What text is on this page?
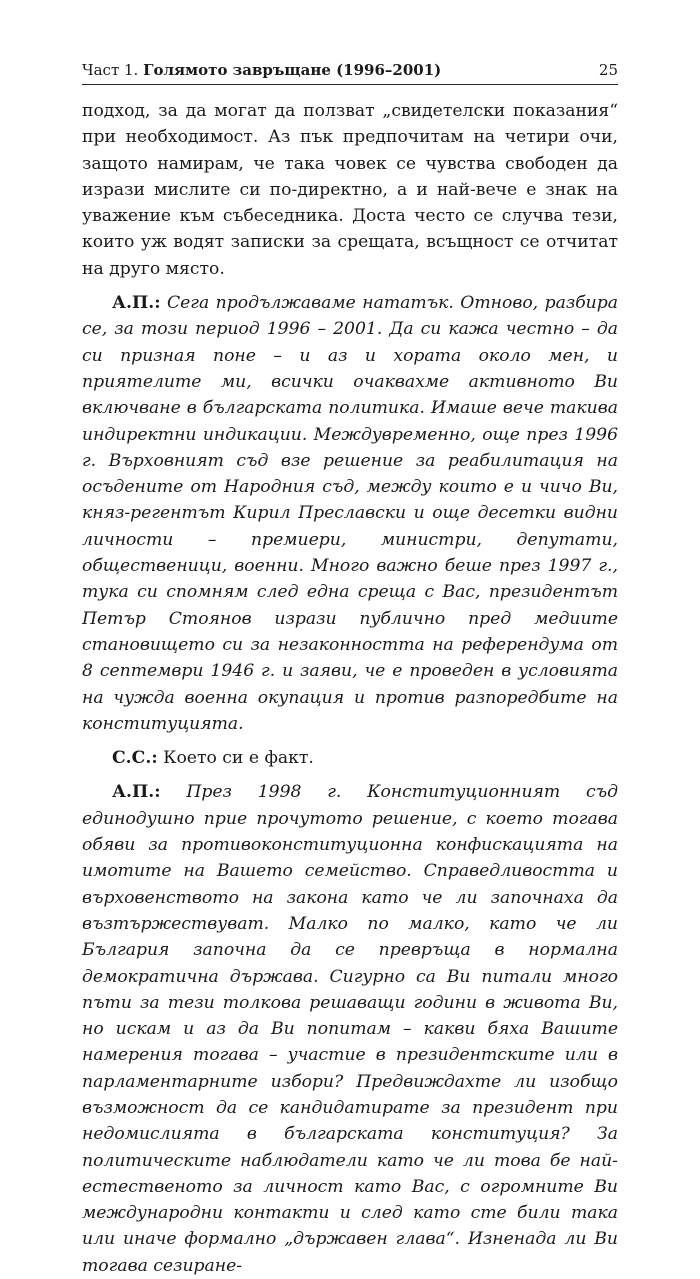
Част 1. Голямото завръщане (1996–2001)	25

подход, за да могат да ползват „свидетелски показания“ при необходимост. Аз пък предпочитам на четири очи, защото намирам, че така човек се чувства свободен да изрази мислите си по-директно, а и най-вече е знак на уважение към събеседника. Доста често се случва тези, които уж водят записки за срещата, всъщност се отчитат на друго място.

А.П.: Сега продължаваме нататък. Отново, разбира се, за този период 1996 – 2001. Да си кажа честно – да си призная поне – и аз и хората около мен, и приятелите ми, всички очаквахме активното Ви включване в българската политика. Имаше вече такива индиректни индикации. Междувременно, още през 1996 г. Върховният съд взе решение за реабилитация на осъдените от Народния съд, между които е и чичо Ви, княз-регентът Кирил Преславски и още десетки видни личности – премиери, министри, депутати, общественици, военни. Много важно беше през 1997 г., тука си спомням след една среща с Вас, президентът Петър Стоянов изрази публично пред медиите становището си за незаконността на референдума от 8 септември 1946 г. и заяви, че е проведен в условията на чужда военна окупация и против разпоредбите на конституцията.

С.С.: Което си е факт.

А.П.: През 1998 г. Конституционният съд единодушно прие прочутото решение, с което тогава обяви за противоконституционна конфискацията на имотите на Вашето семейство. Справедливостта и върховенството на закона като че ли започнаха да възтържествуват. Малко по малко, като че ли България започна да се превръща в нормална демократична държава. Сигурно са Ви питали много пъти за тези толкова решаващи години в живота Ви, но искам и аз да Ви попитам – какви бяха Вашите намерения тогава – участие в президентските или в парламентарните избори? Предвиждахте ли изобщо възможност да се кандидатирате за президент при недомислията в българската конституция? За политическите наблюдатели като че ли това бе най-естественото за личност като Вас, с огромните Ви международни контакти и след като сте били така или иначе формално „държавен глава“. Изненада ли Ви тогава сезиране-
